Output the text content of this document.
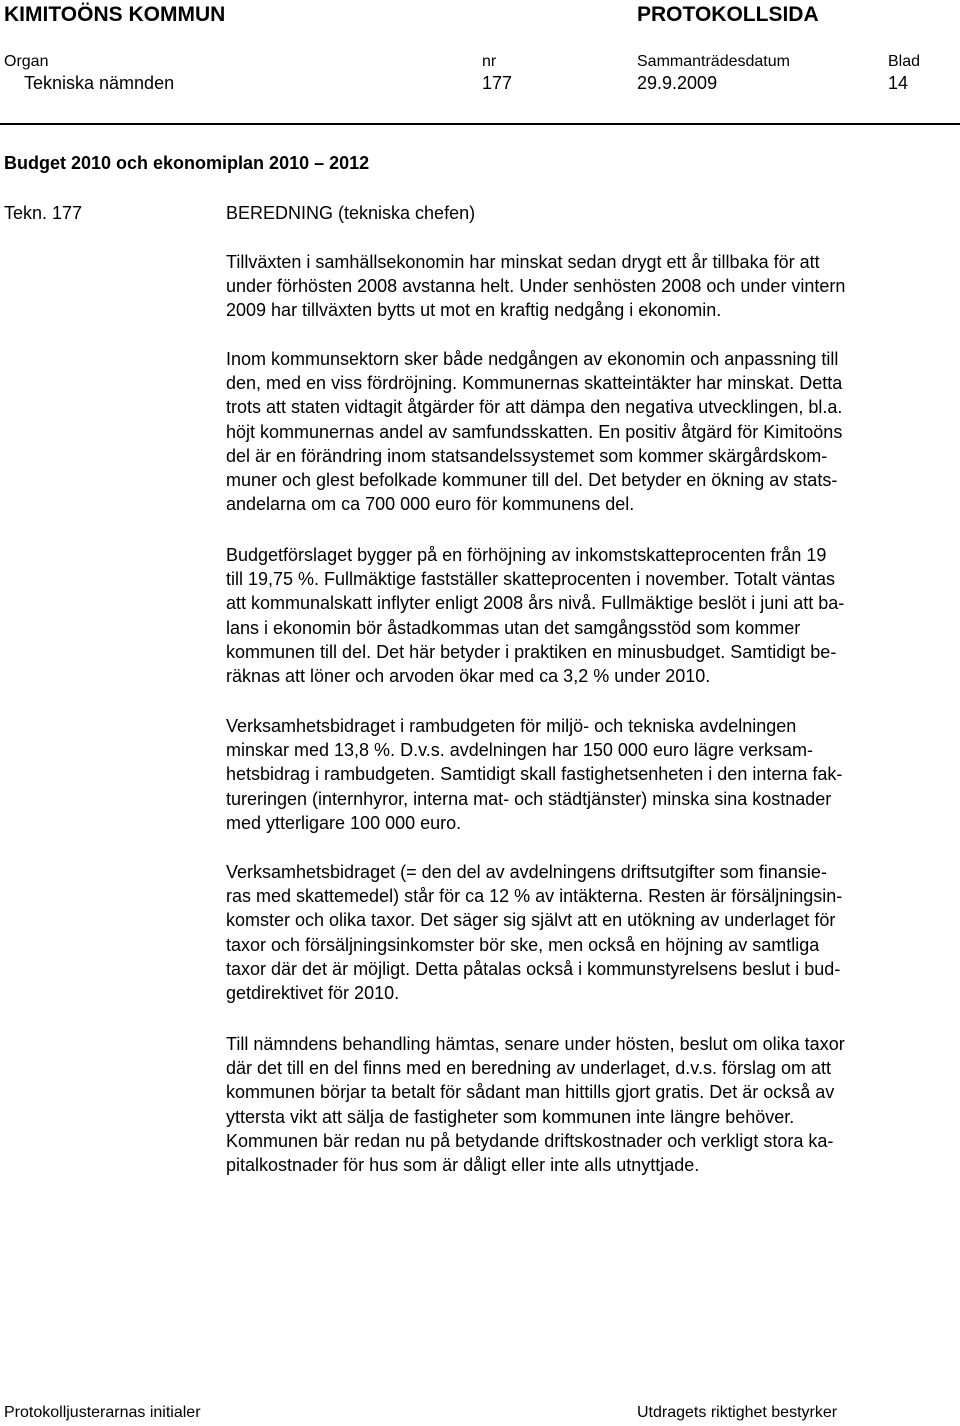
KIMITOÖNS KOMMUN	PROTOKOLLSIDA
Organ	nr	Sammanträdesdatum	Blad
Tekniska nämnden	177	29.9.2009	14
Budget 2010 och ekonomiplan 2010 – 2012
Tekn. 177	BEREDNING (tekniska chefen)
Tillväxten i samhällsekonomin har minskat sedan drygt ett år tillbaka för att
under förhösten 2008 avstanna helt. Under senhösten 2008 och under vintern
2009 har tillväxten bytts ut mot en kraftig nedgång i ekonomin.
Inom kommunsektorn sker både nedgången av ekonomin och anpassning till
den, med en viss fördröjning. Kommunernas skatteintäkter har minskat. Detta
trots att staten vidtagit åtgärder för att dämpa den negativa utvecklingen, bl.a.
höjt kommunernas andel av samfundsskatten. En positiv åtgärd för Kimitoöns
del är en förändring inom statsandelssystemet som kommer skärgårdskom-
muner och glest befolkade kommuner till del. Det betyder en ökning av stats-
andelarna om ca 700 000 euro för kommunens del.
Budgetförslaget bygger på en förhöjning av inkomstskatteprocenten från 19
till 19,75 %. Fullmäktige fastställer skatteprocenten i november. Totalt väntas
att kommunalskatt inflyter enligt 2008 års nivå. Fullmäktige beslöt i juni att ba-
lans i ekonomin bör åstadkommas utan det samgångsstöd som kommer
kommunen till del. Det här betyder i praktiken en minusbudget. Samtidigt be-
räknas att löner och arvoden ökar med ca 3,2 % under 2010.
Verksamhetsbidraget i rambudgeten för miljö- och tekniska avdelningen
minskar med 13,8 %. D.v.s. avdelningen har 150 000 euro lägre verksam-
hetsbidrag i rambudgeten. Samtidigt skall fastighetsenheten i den interna fak-
tureringen (internhyror, interna mat- och städtjänster) minska sina kostnader
med ytterligare 100 000 euro.
Verksamhetsbidraget (= den del av avdelningens driftsutgifter som finansie-
ras med skattemedel) står för ca 12 % av intäkterna. Resten är försäljningsin-
komster och olika taxor. Det säger sig självt att en utökning av underlaget för
taxor och försäljningsinkomster bör ske, men också en höjning av samtliga
taxor där det är möjligt. Detta påtalas också i kommunstyrelsens beslut i bud-
getdirektivet för 2010.
Till nämndens behandling hämtas, senare under hösten, beslut om olika taxor
där det till en del finns med en beredning av underlaget, d.v.s. förslag om att
kommunen börjar ta betalt för sådant man hittills gjort gratis. Det är också av
yttersta vikt att sälja de fastigheter som kommunen inte längre behöver.
Kommunen bär redan nu på betydande driftskostnader och verkligt stora ka-
pitalkostnader för hus som är dåligt eller inte alls utnyttjade.
Protokolljusterarnas initialer	Utdragets riktighet bestyrker
